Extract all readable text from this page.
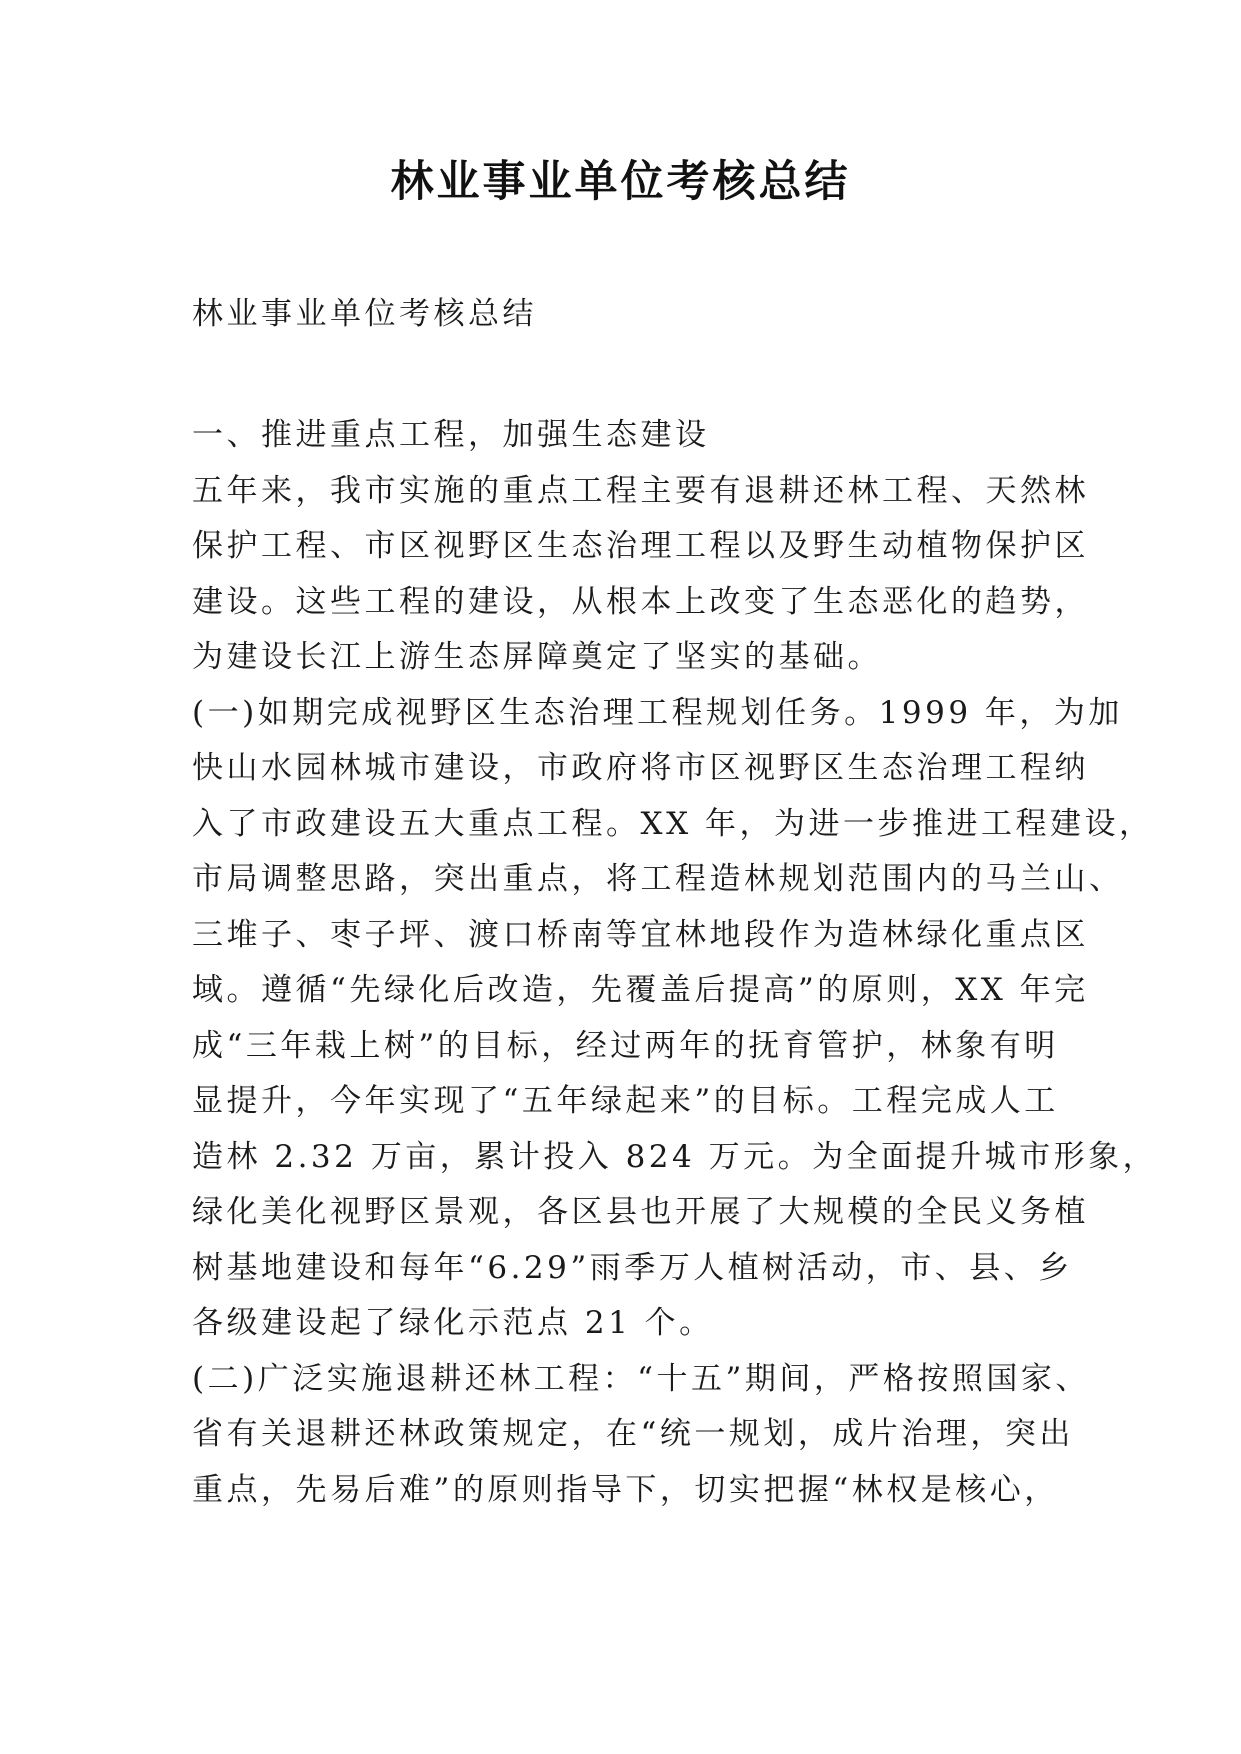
林业事业单位考核总结
林业事业单位考核总结
一、推进重点工程，加强生态建设
五年来，我市实施的重点工程主要有退耕还林工程、天然林
保护工程、市区视野区生态治理工程以及野生动植物保护区
建设。这些工程的建设，从根本上改变了生态恶化的趋势，
为建设长江上游生态屏障奠定了坚实的基础。
(一)如期完成视野区生态治理工程规划任务。1999 年，为加
快山水园林城市建设，市政府将市区视野区生态治理工程纳
入了市政建设五大重点工程。XX 年，为进一步推进工程建设，
市局调整思路，突出重点，将工程造林规划范围内的马兰山、
三堆子、枣子坪、渡口桥南等宜林地段作为造林绿化重点区
域。遵循“先绿化后改造，先覆盖后提高”的原则，XX 年完
成“三年栽上树”的目标，经过两年的抚育管护，林象有明
显提升，今年实现了“五年绿起来”的目标。工程完成人工
造林 2.32 万亩，累计投入 824 万元。为全面提升城市形象，
绿化美化视野区景观，各区县也开展了大规模的全民义务植
树基地建设和每年“6.29”雨季万人植树活动，市、县、乡
各级建设起了绿化示范点 21 个。
(二)广泛实施退耕还林工程：“十五”期间，严格按照国家、
省有关退耕还林政策规定，在“统一规划，成片治理，突出
重点，先易后难”的原则指导下，切实把握“林权是核心，
